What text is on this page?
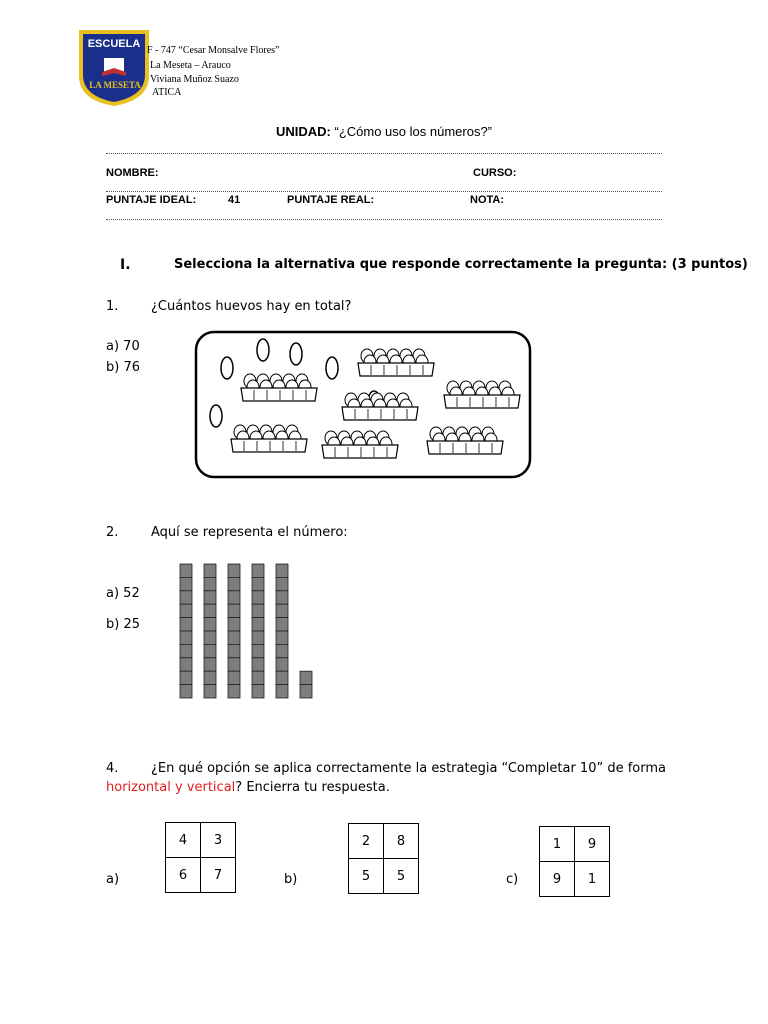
ESCUELA
LA MESETA
F - 747 “Cesar Monsalve Flores”
La Meseta – Arauco
Viviana Muñoz Suazo
ATICA
UNIDAD: “¿Cómo uso los números?”
NOMBRE:	CURSO:
PUNTAJE IDEAL:	41	PUNTAJE REAL:	NOTA:
I.	Selecciona la alternativa que responde correctamente la pregunta: (3 puntos)
1.	¿Cuántos huevos hay en total?
a) 70
b) 76
2.	Aquí se representa el número:
a) 52
b) 25
4.	¿En qué opción se aplica correctamente la estrategia “Completar 10” de forma
horizontal y vertical? Encierra tu respuesta.
a)
4	3
6	7	b)
2	8
5	5	c)
1	9
9	1
